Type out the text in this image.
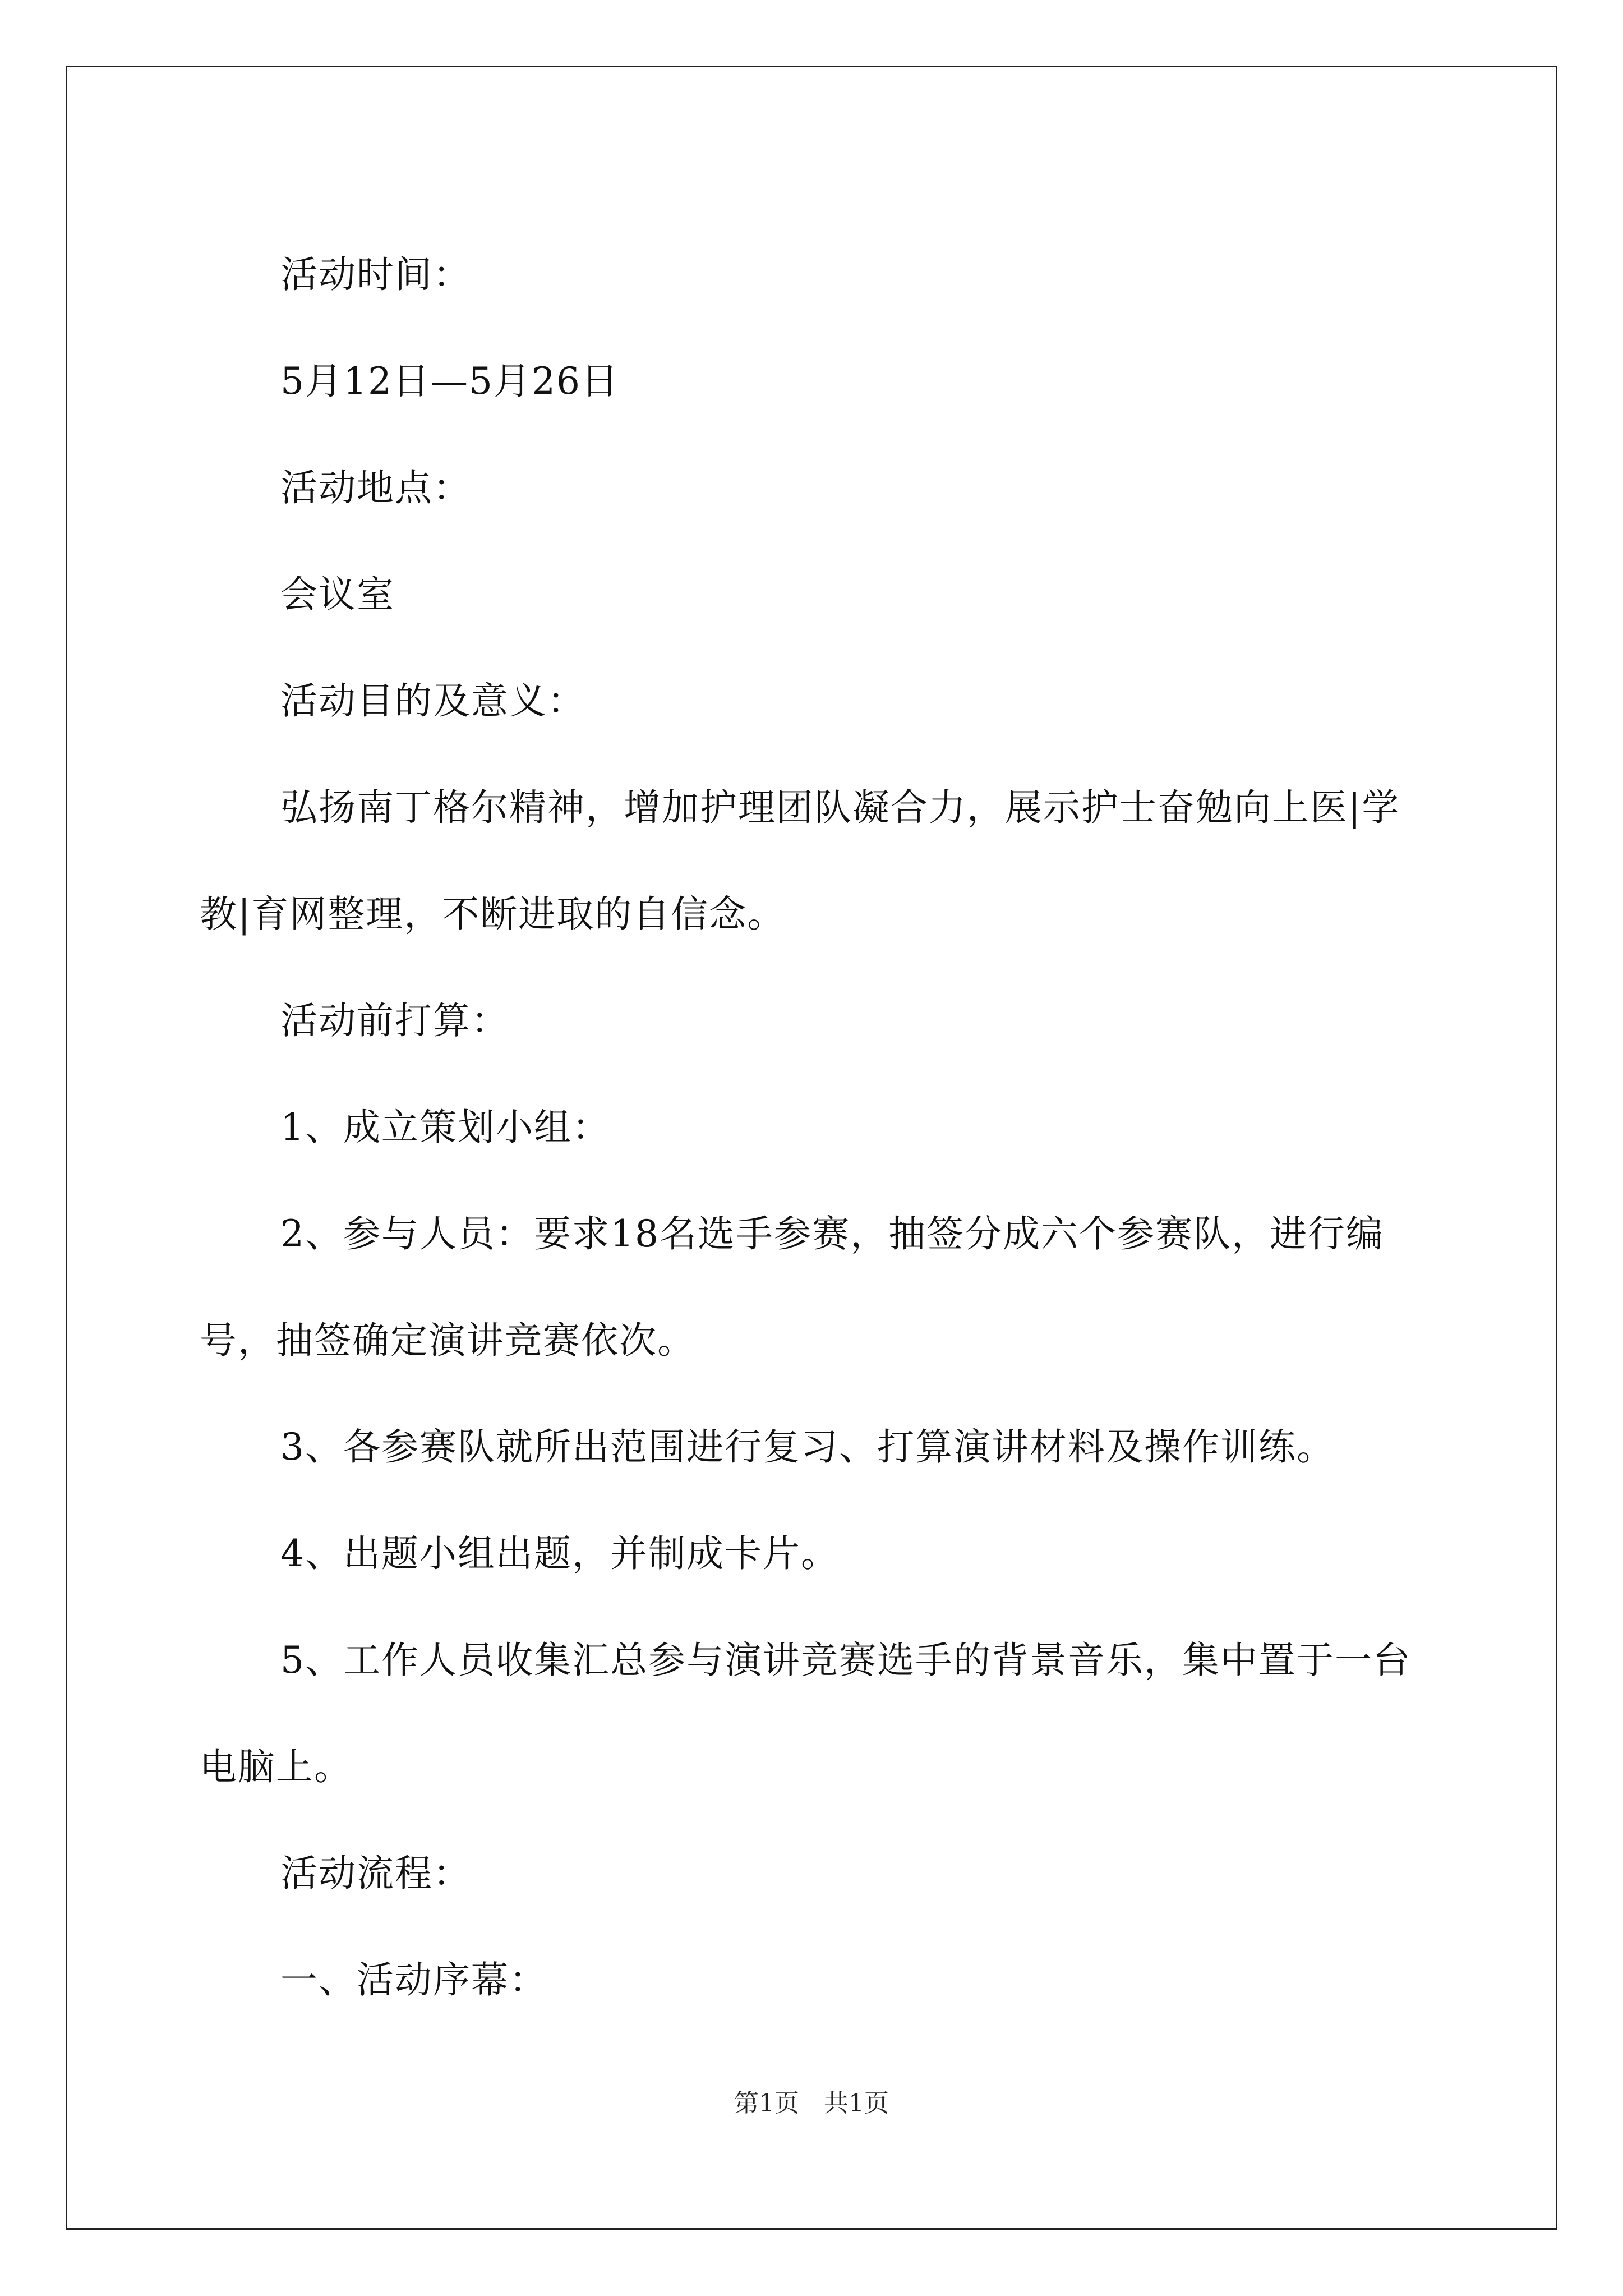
活动时间：

5月12日—5月26日

活动地点：

会议室

活动目的及意义：

弘扬南丁格尔精神，增加护理团队凝合力，展示护士奋勉向上医|学教|育网整理，不断进取的自信念。

活动前打算：

1、成立策划小组：

2、参与人员：要求18名选手参赛，抽签分成六个参赛队，进行编号，抽签确定演讲竞赛依次。

3、各参赛队就所出范围进行复习、打算演讲材料及操作训练。

4、出题小组出题，并制成卡片。

5、工作人员收集汇总参与演讲竞赛选手的背景音乐，集中置于一台电脑上。

活动流程：

一、活动序幕：

第1页　共1页
